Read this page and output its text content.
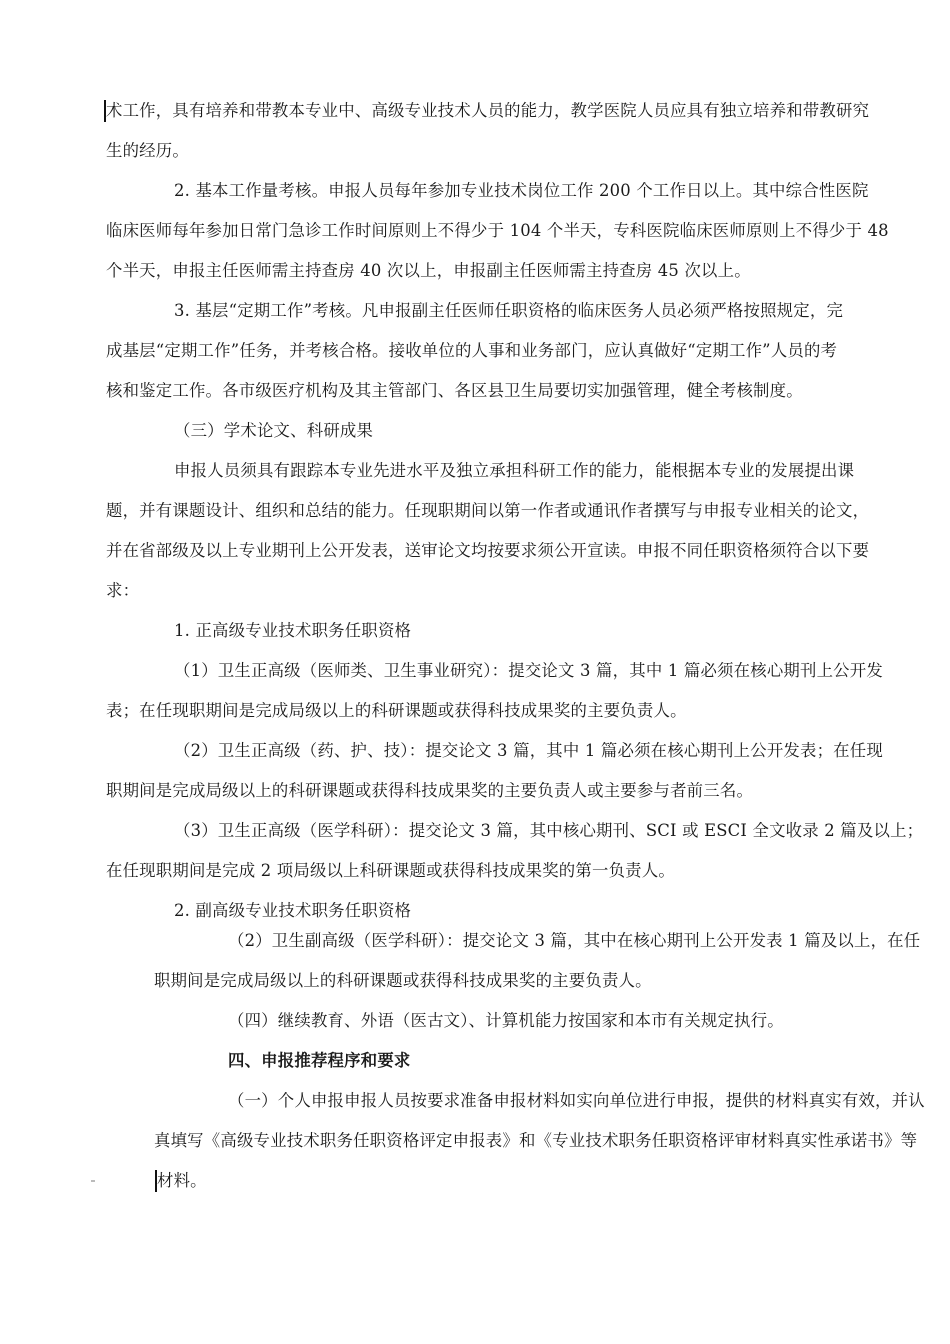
术工作，具有培养和带教本专业中、高级专业技术人员的能力，教学医院人员应具有独立培养和带教研究
生的经历。
2. 基本工作量考核。申报人员每年参加专业技术岗位工作 200 个工作日以上。其中综合性医院
临床医师每年参加日常门急诊工作时间原则上不得少于 104 个半天，专科医院临床医师原则上不得少于 48
个半天，申报主任医师需主持查房 40 次以上，申报副主任医师需主持查房 45 次以上。
3. 基层“定期工作”考核。凡申报副主任医师任职资格的临床医务人员必须严格按照规定，完
成基层“定期工作”任务，并考核合格。接收单位的人事和业务部门，应认真做好“定期工作”人员的考
核和鉴定工作。各市级医疗机构及其主管部门、各区县卫生局要切实加强管理，健全考核制度。
（三）学术论文、科研成果
申报人员须具有跟踪本专业先进水平及独立承担科研工作的能力，能根据本专业的发展提出课
题，并有课题设计、组织和总结的能力。任现职期间以第一作者或通讯作者撰写与申报专业相关的论文，
并在省部级及以上专业期刊上公开发表，送审论文均按要求须公开宣读。申报不同任职资格须符合以下要
求：
1. 正高级专业技术职务任职资格
（1）卫生正高级（医师类、卫生事业研究）：提交论文 3 篇，其中 1 篇必须在核心期刊上公开发
表；在任现职期间是完成局级以上的科研课题或获得科技成果奖的主要负责人。
（2）卫生正高级（药、护、技）：提交论文 3 篇，其中 1 篇必须在核心期刊上公开发表；在任现
职期间是完成局级以上的科研课题或获得科技成果奖的主要负责人或主要参与者前三名。
（3）卫生正高级（医学科研）：提交论文 3 篇，其中核心期刊、SCI 或 ESCI 全文收录 2 篇及以上；
在任现职期间是完成 2 项局级以上科研课题或获得科技成果奖的第一负责人。
2. 副高级专业技术职务任职资格
（2）卫生副高级（医学科研）：提交论文 3 篇，其中在核心期刊上公开发表 1 篇及以上，在任
职期间是完成局级以上的科研课题或获得科技成果奖的主要负责人。
（四）继续教育、外语（医古文）、计算机能力按国家和本市有关规定执行。
四、申报推荐程序和要求
（一）个人申报申报人员按要求准备申报材料如实向单位进行申报，提供的材料真实有效，并认
真填写《高级专业技术职务任职资格评定申报表》和《专业技术职务任职资格评审材料真实性承诺书》等
材料。
